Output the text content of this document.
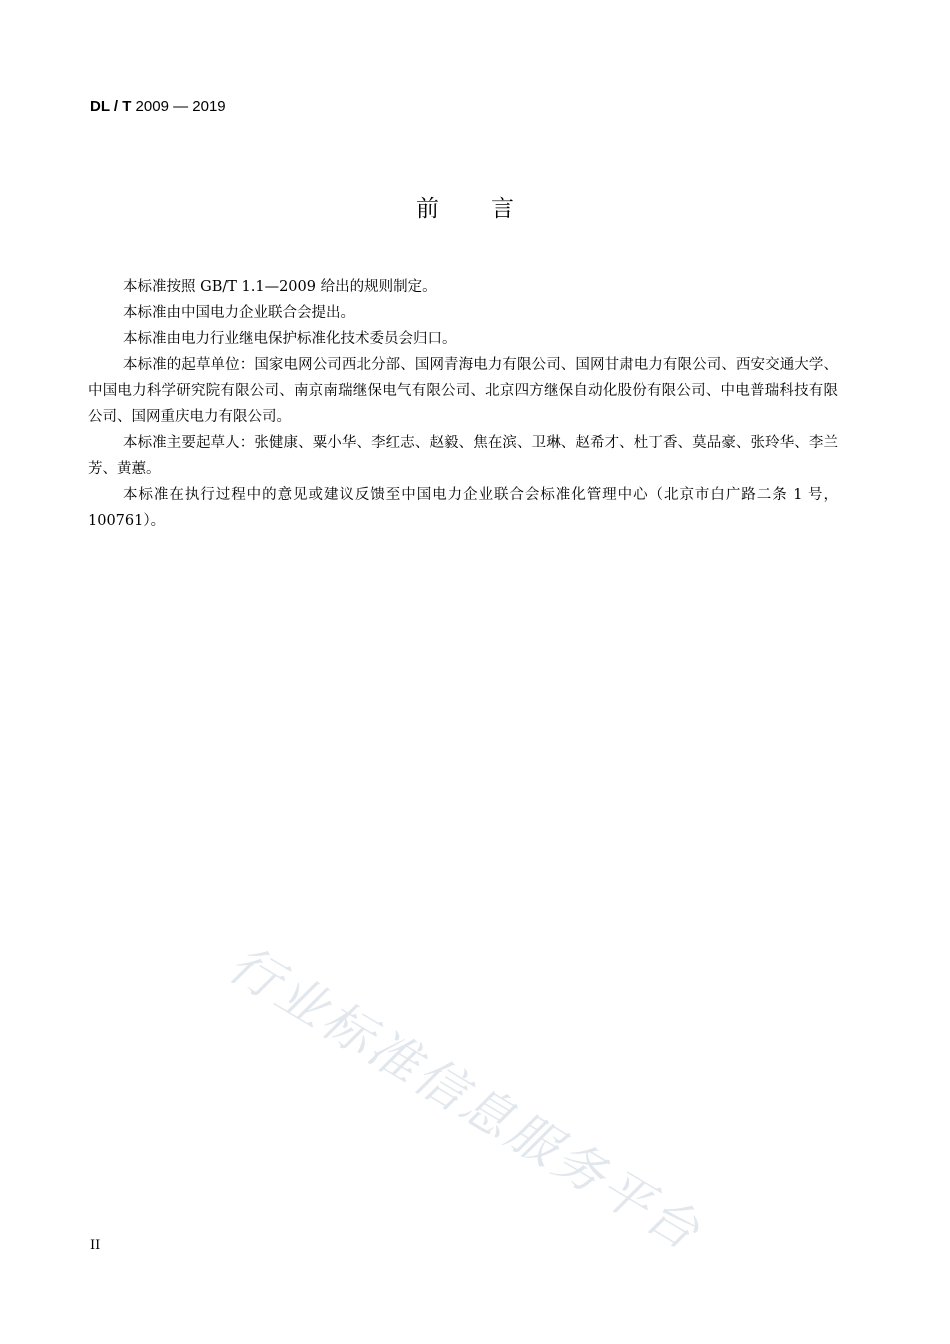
DL / T 2009 — 2019
前言

本标准按照 GB/T 1.1—2009 给出的规则制定。

本标准由中国电力企业联合会提出。

本标准由电力行业继电保护标准化技术委员会归口。

本标准的起草单位：国家电网公司西北分部、国网青海电力有限公司、国网甘肃电力有限公司、西安交通大学、中国电力科学研究院有限公司、南京南瑞继保电气有限公司、北京四方继保自动化股份有限公司、中电普瑞科技有限公司、国网重庆电力有限公司。

本标准主要起草人：张健康、粟小华、李红志、赵毅、焦在滨、卫琳、赵希才、杜丁香、莫品豪、张玲华、李兰芳、黄蕙。

本标准在执行过程中的意见或建议反馈至中国电力企业联合会标准化管理中心（北京市白广路二条 1 号，100761）。

行业标准信息服务平台
II
